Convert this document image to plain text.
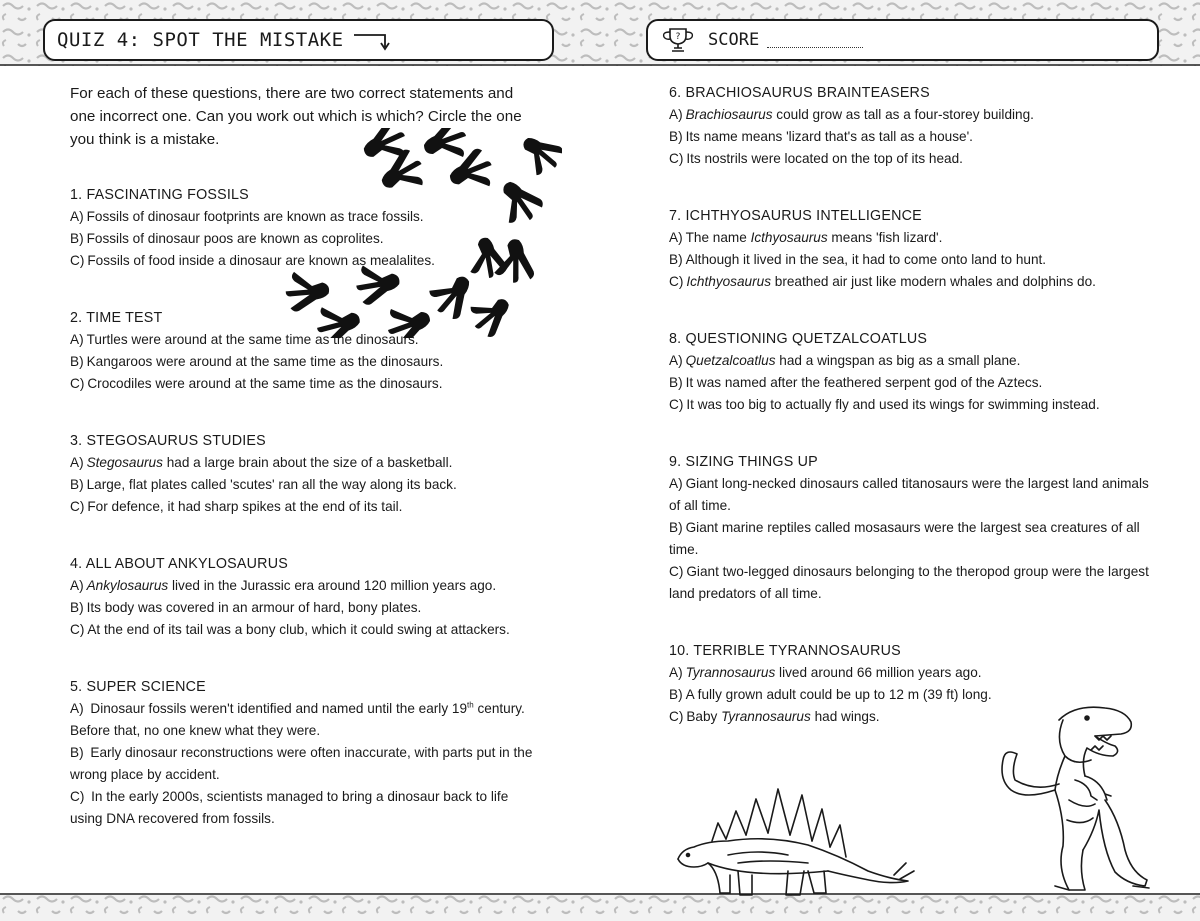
QUIZ 4: SPOT THE MISTAKE	? SCORE

For each of these questions, there are two correct statements and one incorrect one. Can you work out which is which? Circle the one you think is a mistake.

1. FASCINATING FOSSILS
A) Fossils of dinosaur footprints are known as trace fossils.
B) Fossils of dinosaur poos are known as coprolites.
C) Fossils of food inside a dinosaur are known as mealalites.
2. TIME TEST
A) Turtles were around at the same time as the dinosaurs.
B) Kangaroos were around at the same time as the dinosaurs.
C) Crocodiles were around at the same time as the dinosaurs.
3. STEGOSAURUS STUDIES
A) Stegosaurus had a large brain about the size of a basketball.
B) Large, flat plates called 'scutes' ran all the way along its back.
C) For defence, it had sharp spikes at the end of its tail.
4. ALL ABOUT ANKYLOSAURUS
A) Ankylosaurus lived in the Jurassic era around 120 million years ago.
B) Its body was covered in an armour of hard, bony plates.
C) At the end of its tail was a bony club, which it could swing at attackers.
5. SUPER SCIENCE
A) Dinosaur fossils weren't identified and named until the early 19th century. Before that, no one knew what they were.
B) Early dinosaur reconstructions were often inaccurate, with parts put in the wrong place by accident.
C) In the early 2000s, scientists managed to bring a dinosaur back to life using DNA recovered from fossils.
6. BRACHIOSAURUS BRAINTEASERS
A) Brachiosaurus could grow as tall as a four-storey building.
B) Its name means 'lizard that's as tall as a house'.
C) Its nostrils were located on the top of its head.
7. ICHTHYOSAURUS INTELLIGENCE
A) The name Icthyosaurus means 'fish lizard'.
B) Although it lived in the sea, it had to come onto land to hunt.
C) Ichthyosaurus breathed air just like modern whales and dolphins do.
8. QUESTIONING QUETZALCOATLUS
A) Quetzalcoatlus had a wingspan as big as a small plane.
B) It was named after the feathered serpent god of the Aztecs.
C) It was too big to actually fly and used its wings for swimming instead.
9. SIZING THINGS UP
A) Giant long-necked dinosaurs called titanosaurs were the largest land animals of all time.
B) Giant marine reptiles called mosasaurs were the largest sea creatures of all time.
C) Giant two-legged dinosaurs belonging to the theropod group were the largest land predators of all time.
10. TERRIBLE TYRANNOSAURUS
A) Tyrannosaurus lived around 66 million years ago.
B) A fully grown adult could be up to 12 m (39 ft) long.
C) Baby Tyrannosaurus had wings.
